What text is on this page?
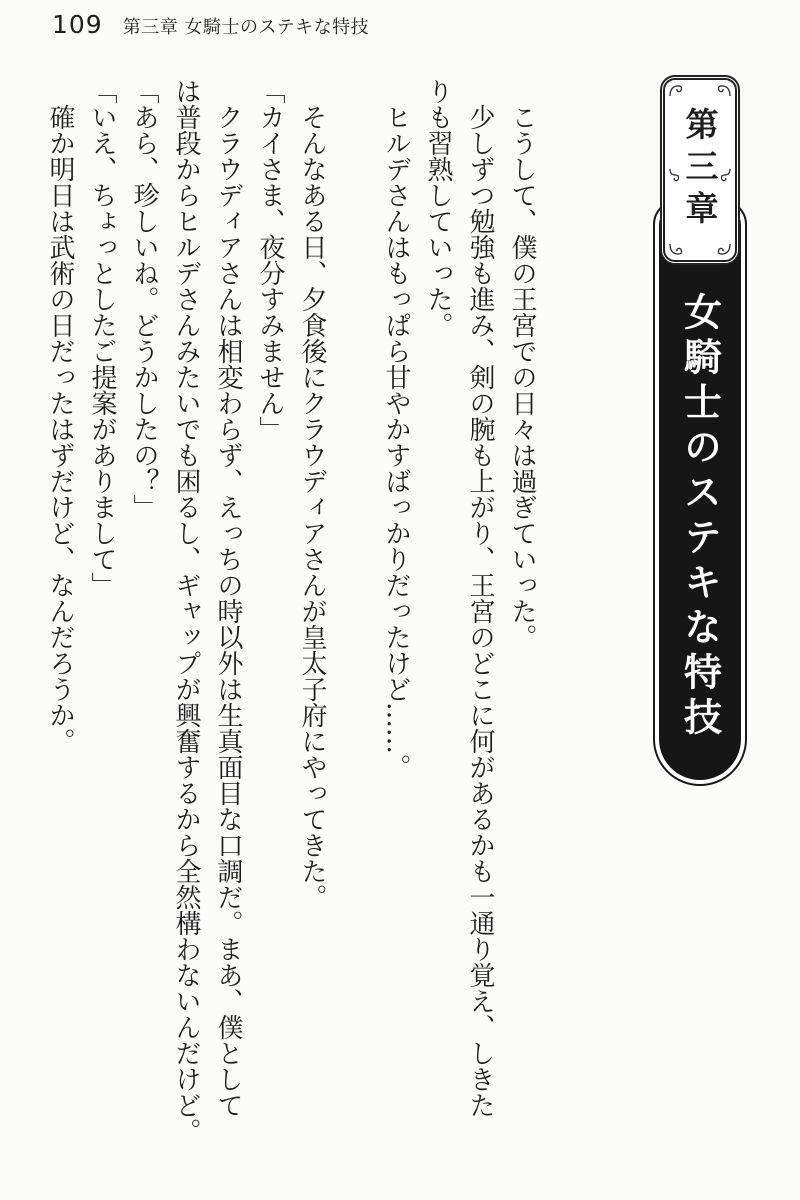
109 第三章 女騎士のステキな特技
女騎士のステキな特技
第三章

こうして、僕の王宮での日々は過ぎていった。

少しずつ勉強も進み、剣の腕も上がり、王宮のどこに何があるかも一通り覚え、しきた

りも習熟していった。

ヒルデさんはもっぱら甘やかすばっかりだったけど……。

そんなある日、夕食後にクラウディアさんが皇太子府にやってきた。

「カイさま、夜分すみません」

クラウディアさんは相変わらず、えっちの時以外は生真面目な口調だ。まあ、僕として

は普段からヒルデさんみたいでも困るし、ギャップが興奮するから全然構わないんだけど。

「あら、珍しいね。どうかしたの？」

「いえ、ちょっとしたご提案がありまして」

確か明日は武術の日だったはずだけど、なんだろうか。
